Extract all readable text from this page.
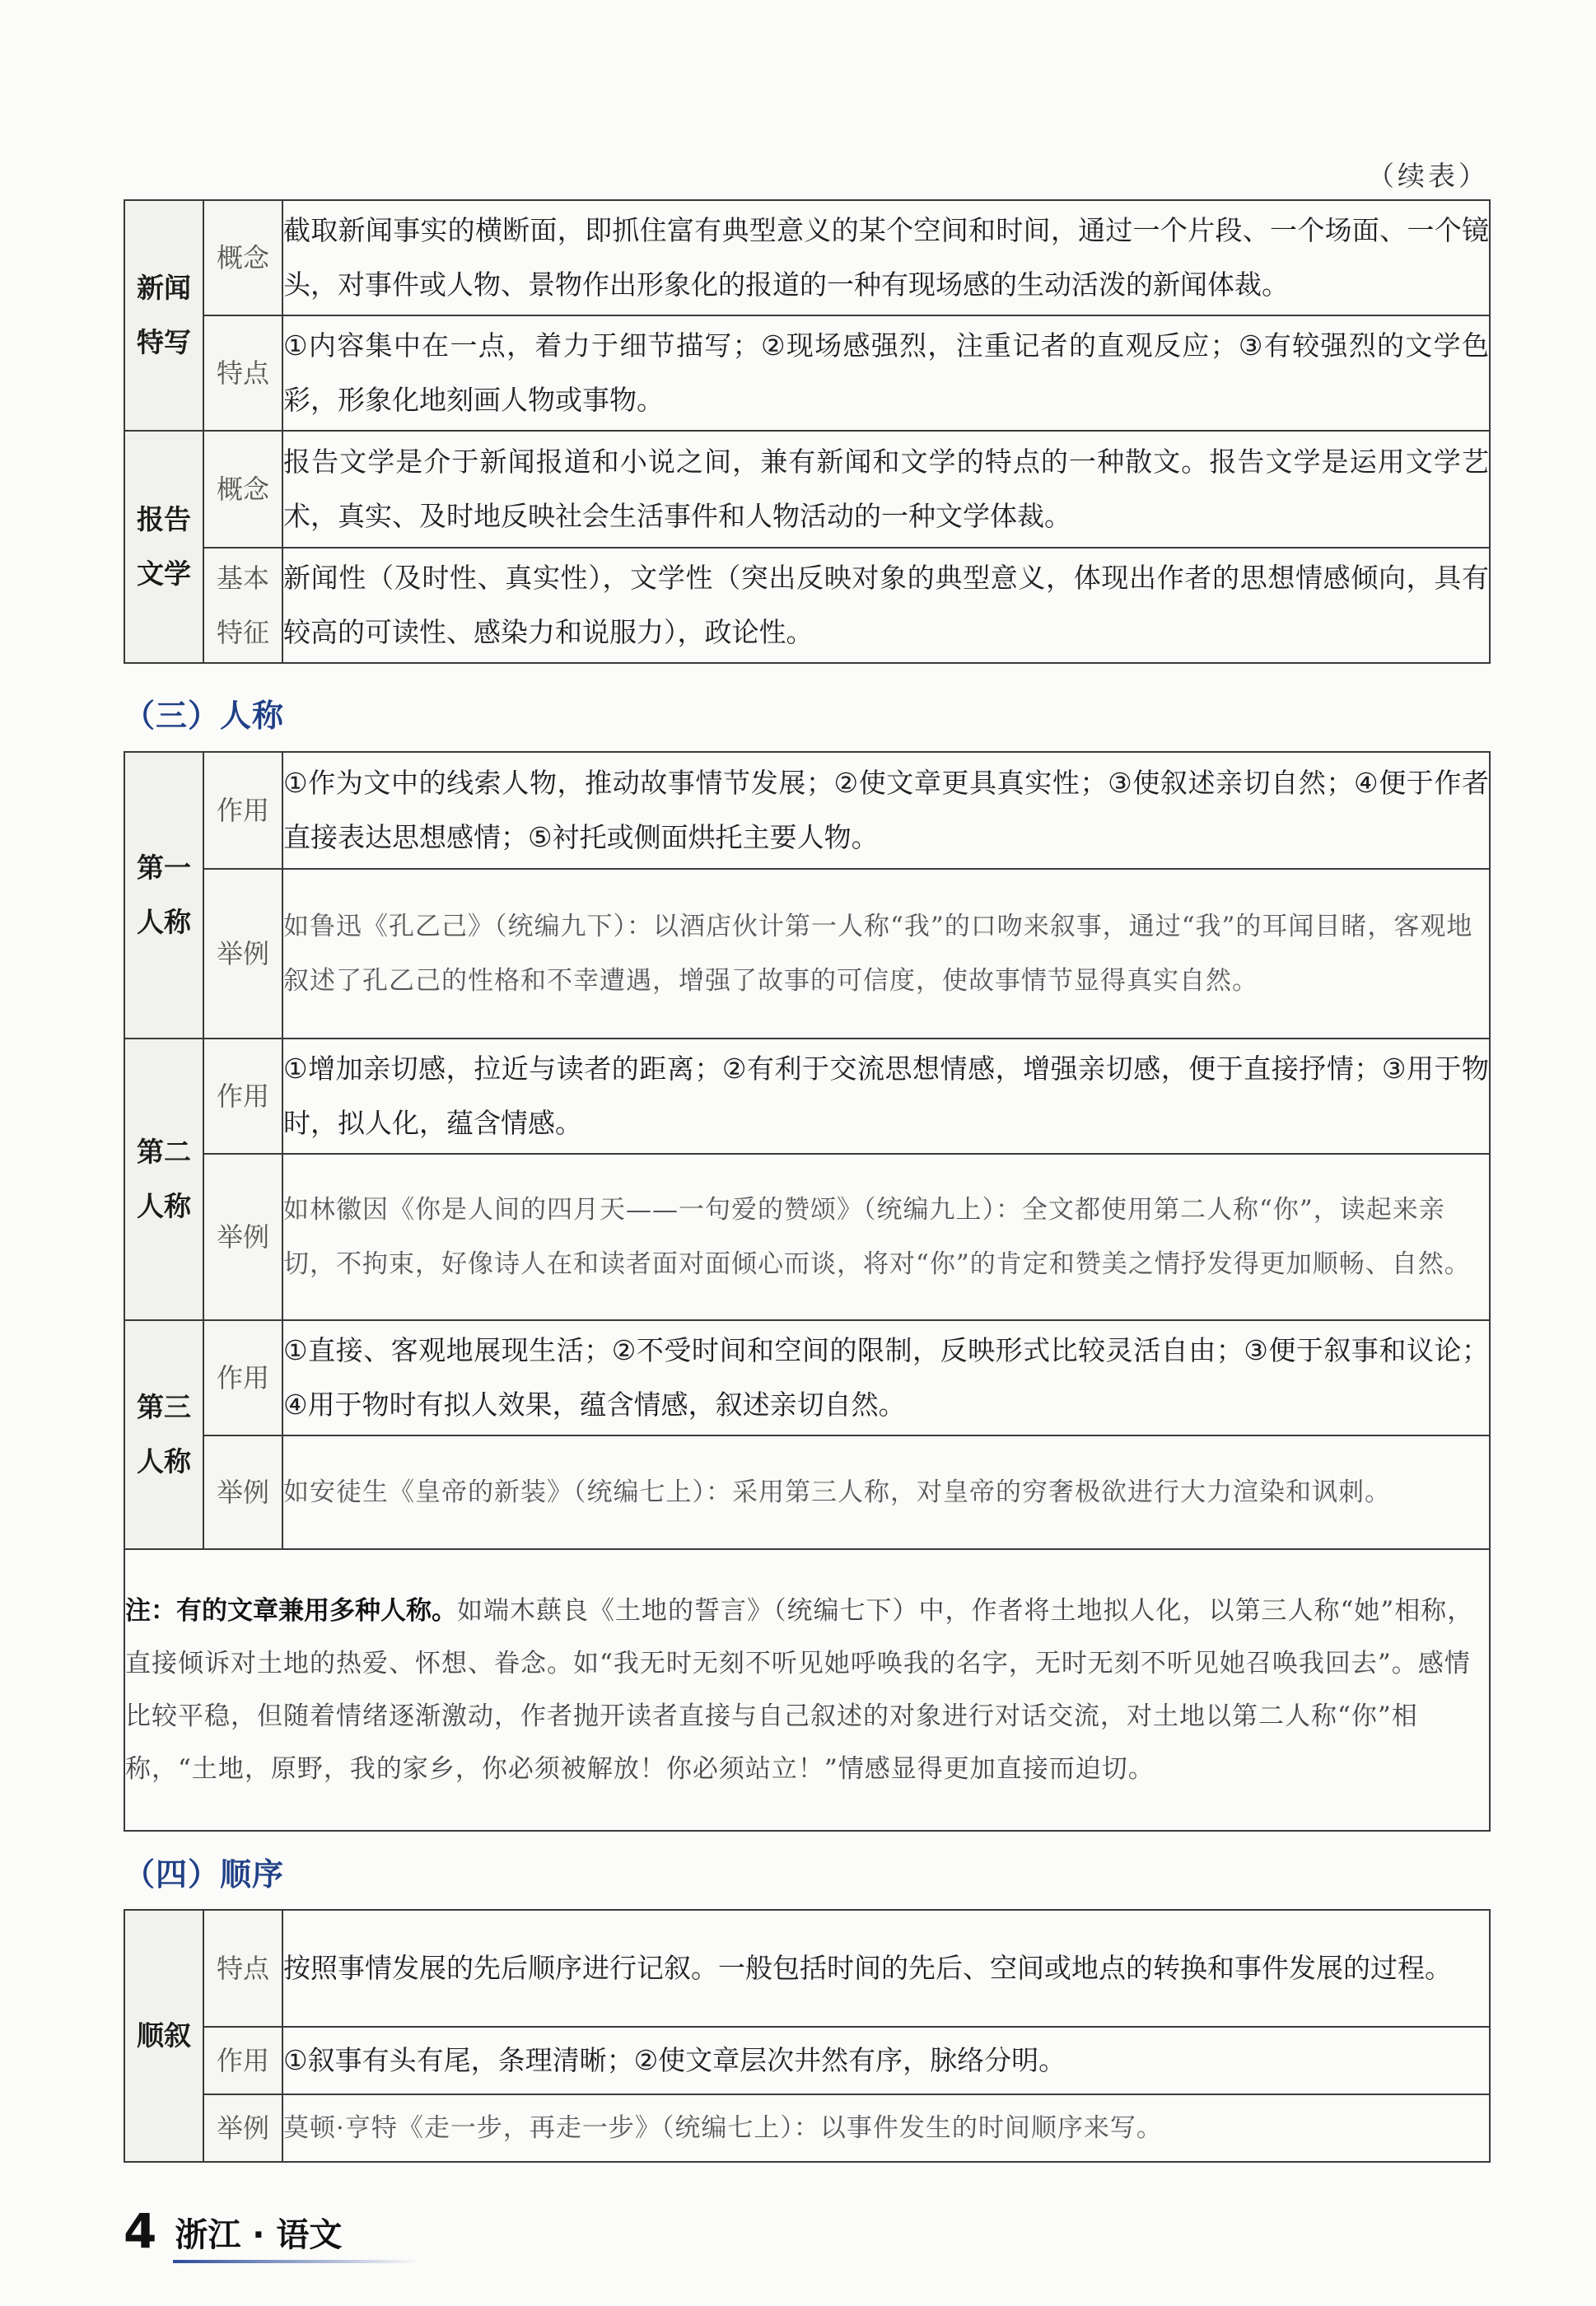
（续表）
新闻特写	概念	截取新闻事实的横断面，即抓住富有典型意义的某个空间和时间，通过一个片段、一个场面、一个镜头，对事件或人物、景物作出形象化的报道的一种有现场感的生动活泼的新闻体裁。
	特点	①内容集中在一点，着力于细节描写；②现场感强烈，注重记者的直观反应；③有较强烈的文学色彩，形象化地刻画人物或事物。
报告文学	概念	报告文学是介于新闻报道和小说之间，兼有新闻和文学的特点的一种散文。报告文学是运用文学艺术，真实、及时地反映社会生活事件和人物活动的一种文学体裁。
	基本特征	新闻性（及时性、真实性），文学性（突出反映对象的典型意义，体现出作者的思想情感倾向，具有较高的可读性、感染力和说服力），政论性。
（三）人称
第一人称	作用	①作为文中的线索人物，推动故事情节发展；②使文章更具真实性；③使叙述亲切自然；④便于作者直接表达思想感情；⑤衬托或侧面烘托主要人物。
	举例	如鲁迅《孔乙己》（统编九下）：以酒店伙计第一人称“我”的口吻来叙事，通过“我”的耳闻目睹，客观地叙述了孔乙己的性格和不幸遭遇，增强了故事的可信度，使故事情节显得真实自然。
第二人称	作用	①增加亲切感，拉近与读者的距离；②有利于交流思想情感，增强亲切感，便于直接抒情；③用于物时，拟人化，蕴含情感。
	举例	如林徽因《你是人间的四月天——一句爱的赞颂》（统编九上）：全文都使用第二人称“你”，读起来亲切，不拘束，好像诗人在和读者面对面倾心而谈，将对“你”的肯定和赞美之情抒发得更加顺畅、自然。
第三人称	作用	①直接、客观地展现生活；②不受时间和空间的限制，反映形式比较灵活自由；③便于叙事和议论；④用于物时有拟人效果，蕴含情感，叙述亲切自然。
	举例	如安徒生《皇帝的新装》（统编七上）：采用第三人称，对皇帝的穷奢极欲进行大力渲染和讽刺。
注：有的文章兼用多种人称。如端木蕻良《土地的誓言》（统编七下）中，作者将土地拟人化，以第三人称“她”相称，直接倾诉对土地的热爱、怀想、眷念。如“我无时无刻不听见她呼唤我的名字，无时无刻不听见她召唤我回去”。感情比较平稳，但随着情绪逐渐激动，作者抛开读者直接与自己叙述的对象进行对话交流，对土地以第二人称“你”相称，“土地，原野，我的家乡，你必须被解放！你必须站立！”情感显得更加直接而迫切。		
（四）顺序
顺叙	特点	按照事情发展的先后顺序进行记叙。一般包括时间的先后、空间或地点的转换和事件发展的过程。
	作用	①叙事有头有尾，条理清晰；②使文章层次井然有序，脉络分明。
	举例	莫顿·亨特《走一步，再走一步》（统编七上）：以事件发生的时间顺序来写。
4 浙江 · 语文
